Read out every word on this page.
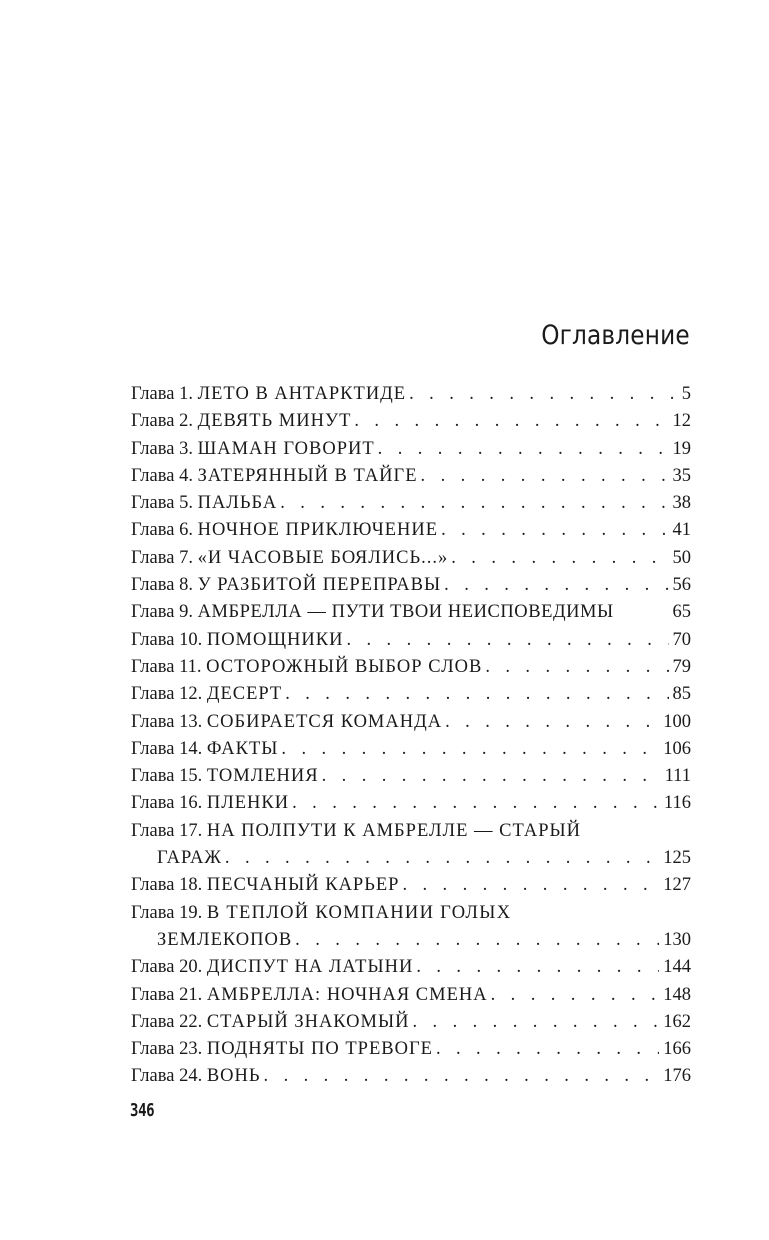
Оглавление
Глава 1. ЛЕТО В АНТАРКТИДЕ . . .	5
Глава 2. ДЕВЯТЬ МИНУТ . . .	12
Глава 3. ШАМАН ГОВОРИТ . . .	19
Глава 4. ЗАТЕРЯННЫЙ В ТАЙГЕ . . .	35
Глава 5. ПАЛЬБА . . .	38
Глава 6. НОЧНОЕ ПРИКЛЮЧЕНИЕ . . .	41
Глава 7. «И ЧАСОВЫЕ БОЯЛИСЬ...» . . .	50
Глава 8. У РАЗБИТОЙ ПЕРЕПРАВЫ . . .	56
Глава 9. АМБРЕЛЛА — ПУТИ ТВОИ НЕИСПОВЕДИМЫ	65
Глава 10. ПОМОЩНИКИ . . .	70
Глава 11. ОСТОРОЖНЫЙ ВЫБОР СЛОВ . . .	79
Глава 12. ДЕСЕРТ . . .	85
Глава 13. СОБИРАЕТСЯ КОМАНДА . . .	100
Глава 14. ФАКТЫ . . .	106
Глава 15. ТОМЛЕНИЯ . . .	111
Глава 16. ПЛЕНКИ . . .	116
Глава 17. НА ПОЛПУТИ К АМБРЕЛЛЕ — СТАРЫЙ
ГАРАЖ . . .	125
Глава 18. ПЕСЧАНЫЙ КАРЬЕР . . .	127
Глава 19. В ТЕПЛОЙ КОМПАНИИ ГОЛЫХ
ЗЕМЛЕКОПОВ . . .	130
Глава 20. ДИСПУТ НА ЛАТЫНИ . . .	144
Глава 21. АМБРЕЛЛА: НОЧНАЯ СМЕНА . . .	148
Глава 22. СТАРЫЙ ЗНАКОМЫЙ . . .	162
Глава 23. ПОДНЯТЫ ПО ТРЕВОГЕ . . .	166
Глава 24. ВОНЬ . . .	176
346
